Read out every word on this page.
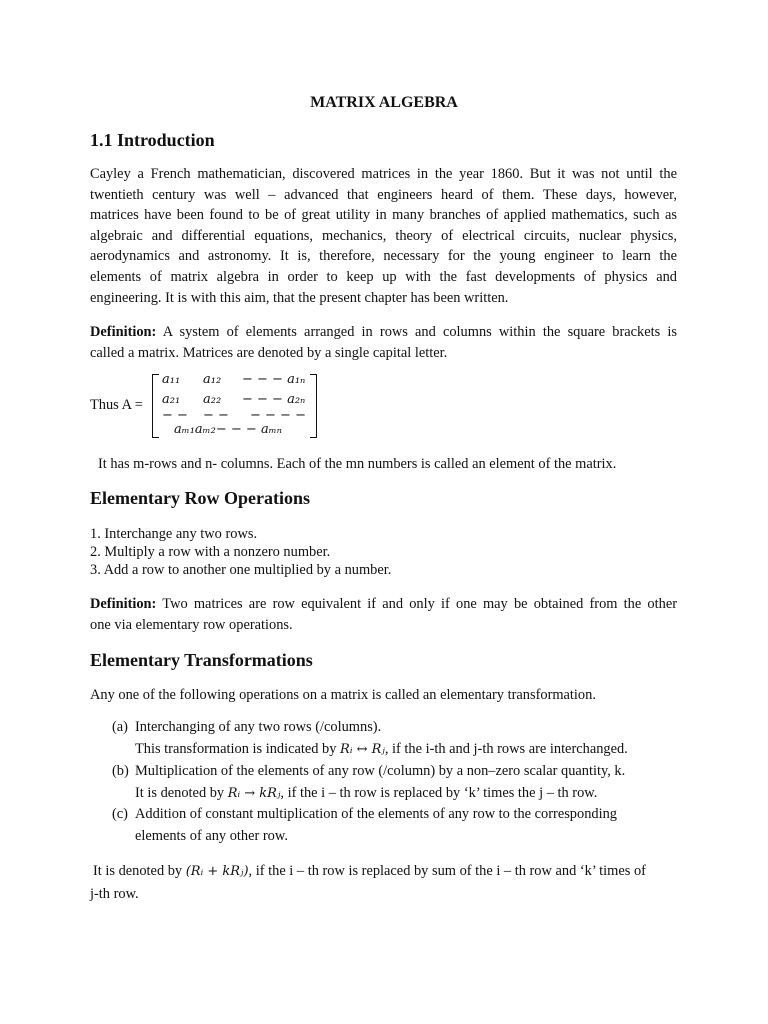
MATRIX ALGEBRA
1.1 Introduction
Cayley a French mathematician, discovered matrices in the year 1860. But it was not until the
twentieth century was well – advanced that engineers heard of them. These days, however,
matrices have been found to be of great utility in many branches of applied mathematics, such as
algebraic and differential equations, mechanics, theory of electrical circuits, nuclear physics,
aerodynamics and astronomy. It is, therefore, necessary for the young engineer to learn the
elements of matrix algebra in order to keep up with the fast developments of physics and
engineering. It is with this aim, that the present chapter has been written.
Definition: A system of elements arranged in rows and columns within the square brackets is
called a matrix. Matrices are denoted by a single capital letter.
Thus A =
a₁₁ a₁₂ − − − a₁ₙ
a₂₁ a₂₂ − − − a₂ₙ
− − − − − − − −
aₘ₁aₘ₂− − − aₘₙ
It has m-rows and n- columns. Each of the mn numbers is called an element of the matrix.
Elementary Row Operations
1. Interchange any two rows.
2. Multiply a row with a nonzero number.
3. Add a row to another one multiplied by a number.
Definition: Two matrices are row equivalent if and only if one may be obtained from the other
one via elementary row operations.
Elementary Transformations
Any one of the following operations on a matrix is called an elementary transformation.
(a) Interchanging of any two rows (/columns).
This transformation is indicated by Rᵢ ↔ Rⱼ, if the i-th and j-th rows are interchanged.
(b) Multiplication of the elements of any row (/column) by a non–zero scalar quantity, k.
It is denoted by Rᵢ → kRⱼ, if the i – th row is replaced by ‘k’ times the j – th row.
(c) Addition of constant multiplication of the elements of any row to the corresponding
elements of any other row.
It is denoted by (Rᵢ + kRⱼ), if the i – th row is replaced by sum of the i – th row and ‘k’ times of
j-th row.
